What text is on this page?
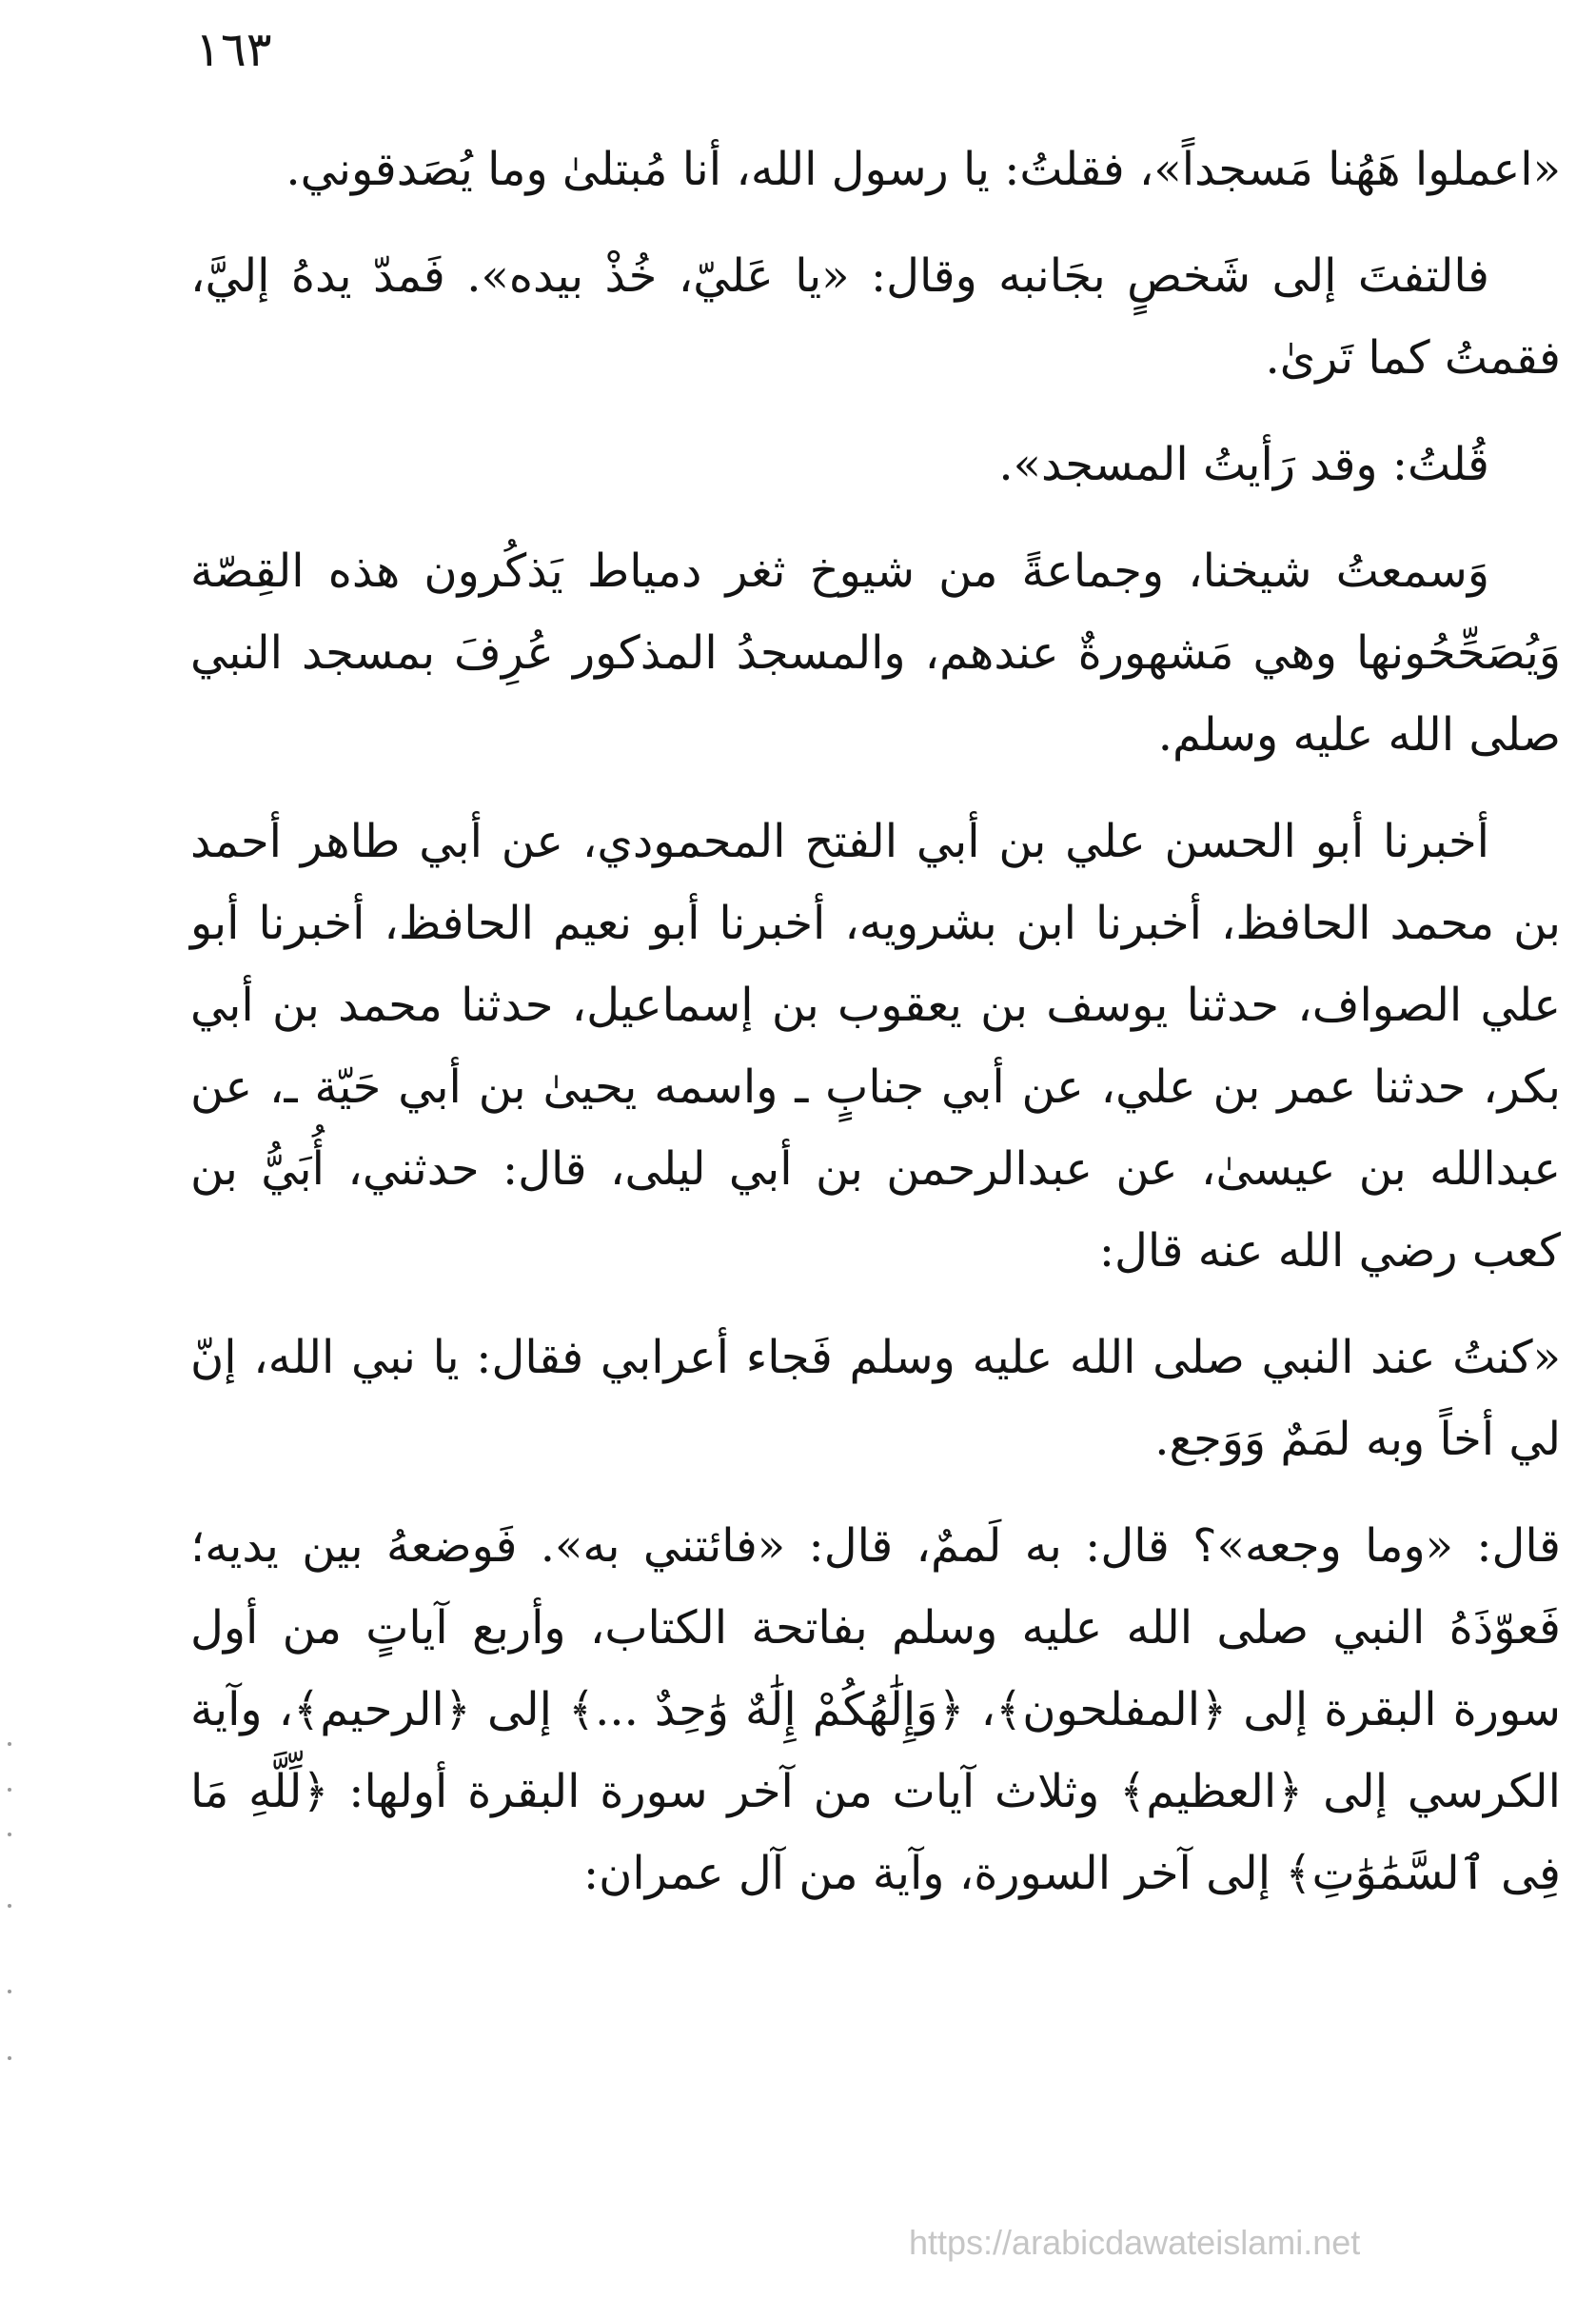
١٦٣

«اعملوا هَهُنا مَسجداً»، فقلتُ: يا رسول الله، أنا مُبتلىٰ وما يُصَدقوني.

فالتفتَ إلى شَخصٍ بجَانبه وقال: «يا عَليّ، خُذْ بيده». فَمدّ يدهُ إليَّ، فقمتُ كما تَرىٰ.

قُلتُ: وقد رَأيتُ المسجد».

وَسمعتُ شيخنا، وجماعةً من شيوخ ثغر دمياط يَذكُرون هذه القِصّة وَيُصَحِّحُونها وهي مَشهورةٌ عندهم، والمسجدُ المذكور عُرِفَ بمسجد النبي صلى الله عليه وسلم.

أخبرنا أبو الحسن علي بن أبي الفتح المحمودي، عن أبي طاهر أحمد بن محمد الحافظ، أخبرنا ابن بشرويه، أخبرنا أبو نعيم الحافظ، أخبرنا أبو علي الصواف، حدثنا يوسف بن يعقوب بن إسماعيل، حدثنا محمد بن أبي بكر، حدثنا عمر بن علي، عن أبي جنابٍ ـ واسمه يحيىٰ بن أبي حَيّة ـ، عن عبدالله بن عيسىٰ، عن عبدالرحمن بن أبي ليلى، قال: حدثني، أُبَيُّ بن كعب رضي الله عنه قال:

«كنتُ عند النبي صلى الله عليه وسلم فَجاء أعرابي فقال: يا نبي الله، إنّ لي أخاً وبه لمَمٌ وَوَجع.

قال: «وما وجعه»؟ قال: به لَممٌ، قال: «فائتني به». فَوضعهُ بين يديه؛ فَعوّذَهُ النبي صلى الله عليه وسلم بفاتحة الكتاب، وأربع آياتٍ من أول سورة البقرة إلى ﴿المفلحون﴾، ﴿وَإِلَٰهُكُمْ إِلَٰهٌ وَٰحِدٌ ...﴾ إلى ﴿الرحيم﴾، وآية الكرسي إلى ﴿العظيم﴾ وثلاث آيات من آخر سورة البقرة أولها: ﴿لِّلَّهِ مَا فِى ٱلسَّمَٰوَٰتِ﴾ إلى آخر السورة، وآية من آل عمران:

https://arabicdawateislami.net
